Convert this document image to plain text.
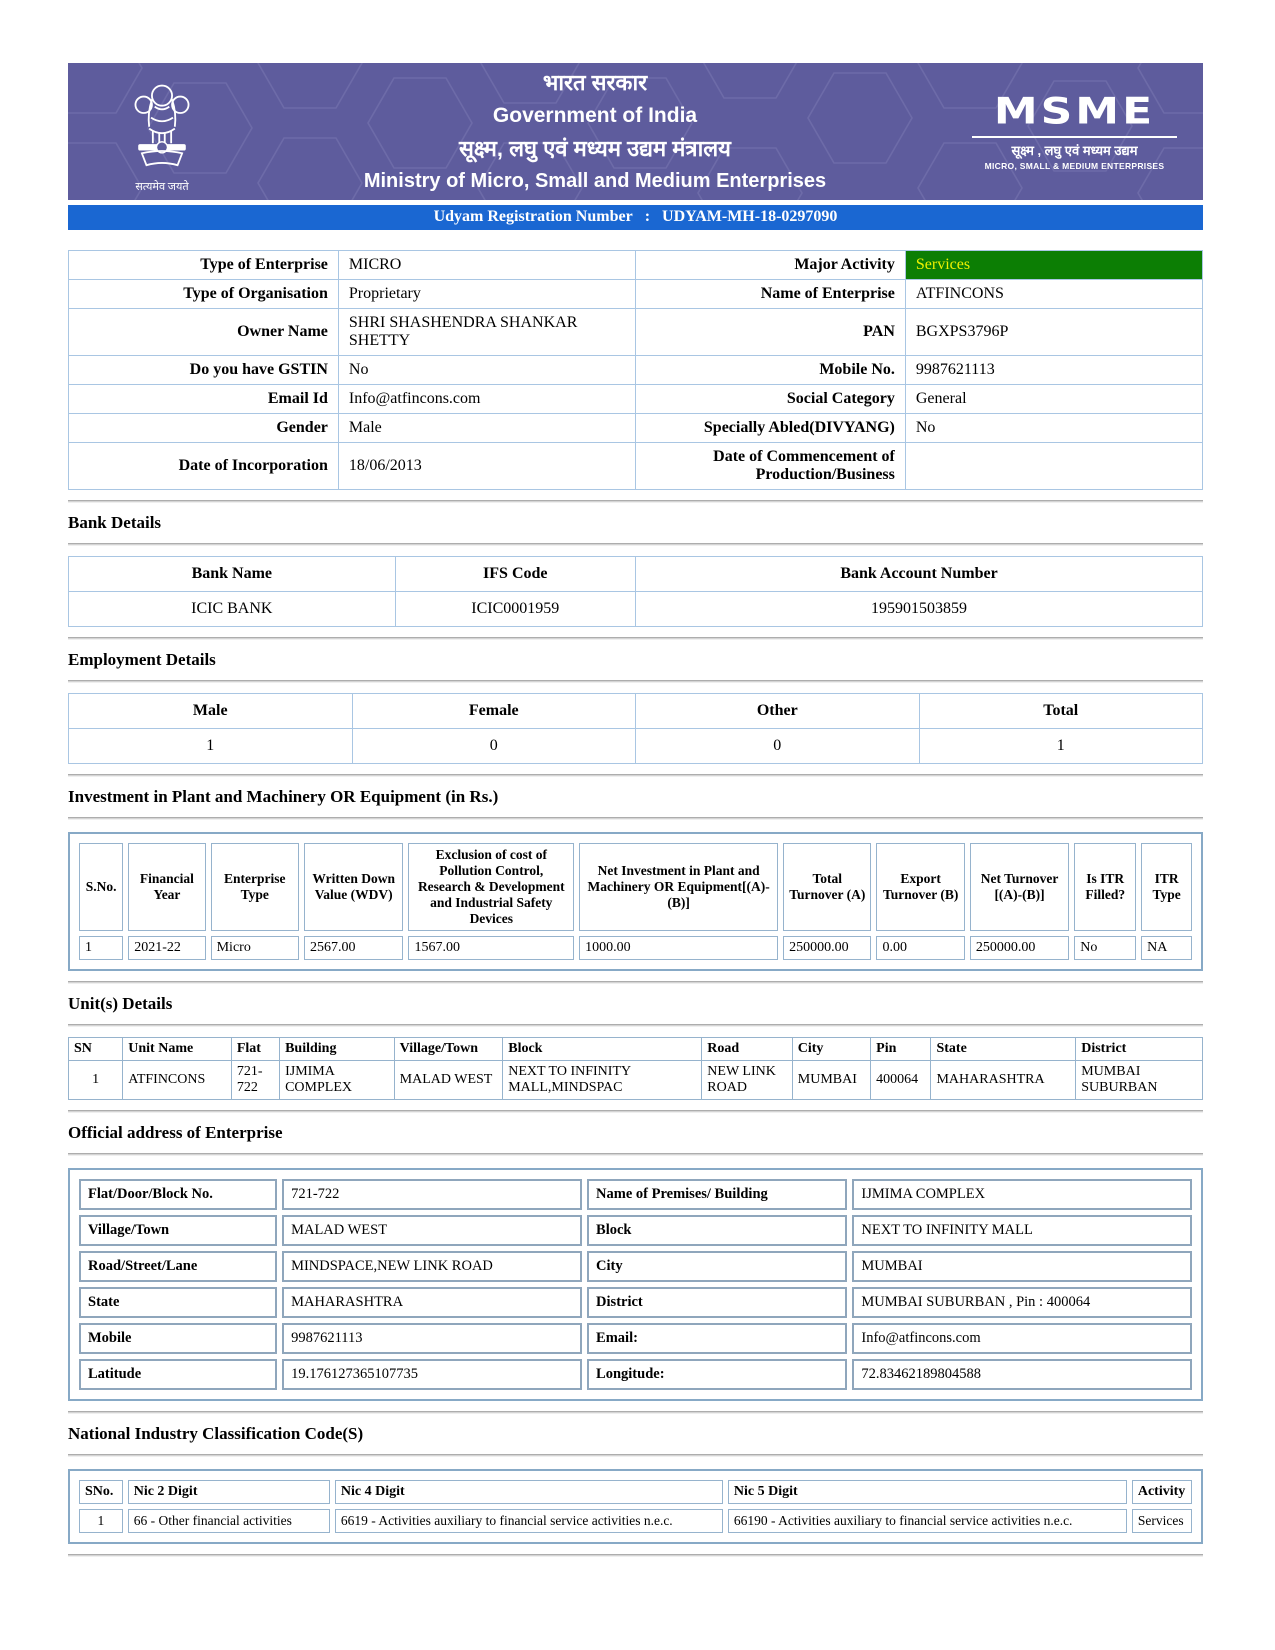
सत्यमेव जयते
भारत सरकार
Government of India
सूक्ष्म, लघु एवं मध्यम उद्यम मंत्रालय
Ministry of Micro, Small and Medium Enterprises
MSME
सूक्ष्म , लघु एवं मध्यम उद्यम
MICRO, SMALL & MEDIUM ENTERPRISES
Udyam Registration Number : UDYAM-MH-18-0297090
Type of Enterprise	MICRO	Major Activity	Services
Type of Organisation	Proprietary	Name of Enterprise	ATFINCONS
Owner Name	SHRI SHASHENDRA SHANKAR SHETTY	PAN	BGXPS3796P
Do you have GSTIN	No	Mobile No.	9987621113
Email Id	Info@atfincons.com	Social Category	General
Gender	Male	Specially Abled(DIVYANG)	No
Date of Incorporation	18/06/2013	Date of Commencement of Production/Business	
Bank Details
Bank Name	IFS Code	Bank Account Number
ICIC BANK	ICIC0001959	195901503859
Employment Details
Male	Female	Other	Total
1	0	0	1
Investment in Plant and Machinery OR Equipment (in Rs.)
S.No.	Financial Year	Enterprise Type	Written Down Value (WDV)	Exclusion of cost of Pollution Control, Research & Development and Industrial Safety Devices	Net Investment in Plant and Machinery OR Equipment[(A)-(B)]	Total Turnover (A)	Export Turnover (B)	Net Turnover [(A)-(B)]	Is ITR Filled?	ITR Type
1	2021-22	Micro	2567.00	1567.00	1000.00	250000.00	0.00	250000.00	No	NA
Unit(s) Details
SN	Unit Name	Flat	Building	Village/Town	Block	Road	City	Pin	State	District
1	ATFINCONS	721-722	IJMIMA COMPLEX	MALAD WEST	NEXT TO INFINITY MALL,MINDSPAC	NEW LINK ROAD	MUMBAI	400064	MAHARASHTRA	MUMBAI SUBURBAN
Official address of Enterprise
Flat/Door/Block No.	721-722	Name of Premises/ Building	IJMIMA COMPLEX
Village/Town	MALAD WEST	Block	NEXT TO INFINITY MALL
Road/Street/Lane	MINDSPACE,NEW LINK ROAD	City	MUMBAI
State	MAHARASHTRA	District	MUMBAI SUBURBAN , Pin : 400064
Mobile	9987621113	Email:	Info@atfincons.com
Latitude	19.176127365107735	Longitude:	72.83462189804588
National Industry Classification Code(S)
SNo.	Nic 2 Digit	Nic 4 Digit	Nic 5 Digit	Activity
1	66 - Other financial activities	6619 - Activities auxiliary to financial service activities n.e.c.	66190 - Activities auxiliary to financial service activities n.e.c.	Services
